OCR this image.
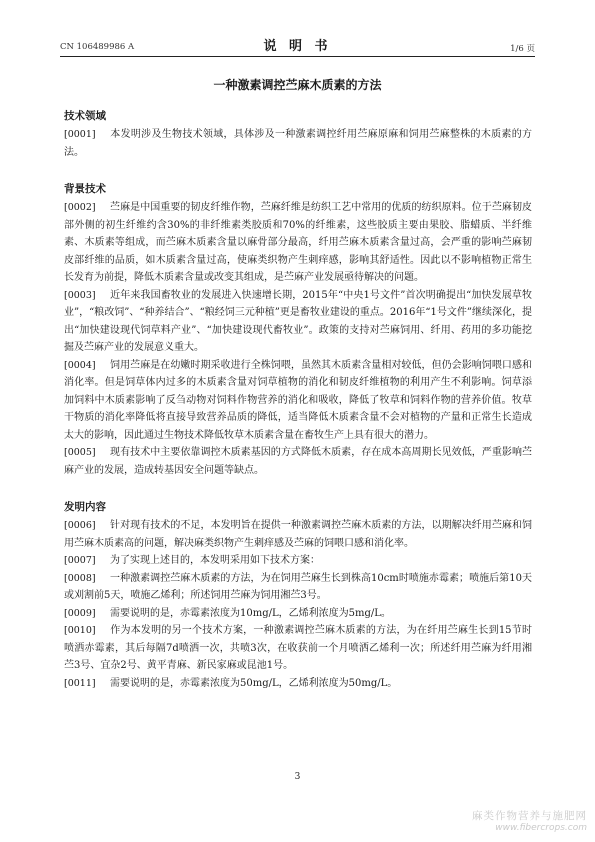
CN 106489986 A	说 明 书	1/6 页
一种激素调控苎麻木质素的方法
技术领域
[0001] 本发明涉及生物技术领域，具体涉及一种激素调控纤用苎麻原麻和饲用苎麻整株的木质素的方法。
背景技术
[0002] 苎麻是中国重要的韧皮纤维作物，苎麻纤维是纺织工艺中常用的优质的纺织原料。位于苎麻韧皮部外侧的初生纤维约含30%的非纤维素类胶质和70%的纤维素，这些胶质主要由果胶、脂蜡质、半纤维素、木质素等组成，而苎麻木质素含量以麻骨部分最高，纤用苎麻木质素含量过高，会严重的影响苎麻韧皮部纤维的品质，如木质素含量过高，使麻类织物产生刺痒感，影响其舒适性。因此以不影响植物正常生长发育为前提，降低木质素含量或改变其组成，是苎麻产业发展亟待解决的问题。
[0003] 近年来我国畜牧业的发展进入快速增长期，2015年“中央1号文件”首次明确提出“加快发展草牧业”，“粮改饲”、“种养结合”、“粮经饲三元种植”更是畜牧业建设的重点。2016年“1号文件”继续深化，提出“加快建设现代饲草料产业”、“加快建设现代畜牧业”。政策的支持对苎麻饲用、纤用、药用的多功能挖掘及苎麻产业的发展意义重大。
[0004] 饲用苎麻是在幼嫩时期采收进行全株饲喂，虽然其木质素含量相对较低，但仍会影响饲喂口感和消化率。但是饲草体内过多的木质素含量对饲草植物的消化和韧皮纤维植物的利用产生不利影响。饲草添加饲料中木质素影响了反刍动物对饲料作物营养的消化和吸收，降低了牧草和饲料作物的营养价值。牧草干物质的消化率降低将直接导致营养品质的降低，适当降低木质素含量不会对植物的产量和正常生长造成太大的影响，因此通过生物技术降低牧草木质素含量在畜牧生产上具有很大的潜力。
[0005] 现有技术中主要依靠调控木质素基因的方式降低木质素，存在成本高周期长见效低，严重影响苎麻产业的发展，造成转基因安全问题等缺点。
发明内容
[0006] 针对现有技术的不足，本发明旨在提供一种激素调控苎麻木质素的方法，以期解决纤用苎麻和饲用苎麻木质素高的问题，解决麻类织物产生刺痒感及苎麻的饲喂口感和消化率。
[0007] 为了实现上述目的，本发明采用如下技术方案：
[0008] 一种激素调控苎麻木质素的方法，为在饲用苎麻生长到株高10cm时喷施赤霉素；喷施后第10天或刈割前5天，喷施乙烯利；所述饲用苎麻为饲用湘苎3号。
[0009] 需要说明的是，赤霉素浓度为10mg/L，乙烯利浓度为5mg/L。
[0010] 作为本发明的另一个技术方案，一种激素调控苎麻木质素的方法，为在纤用苎麻生长到15节时喷洒赤霉素，其后每隔7d喷洒一次，共喷3次，在收获前一个月喷洒乙烯利一次；所述纤用苎麻为纤用湘苎3号、宜杂2号、黄平青麻、新民家麻或昆池1号。
[0011] 需要说明的是，赤霉素浓度为50mg/L，乙烯利浓度为50mg/L。
3
麻类作物营养与施肥网
www.fibercrops.com
